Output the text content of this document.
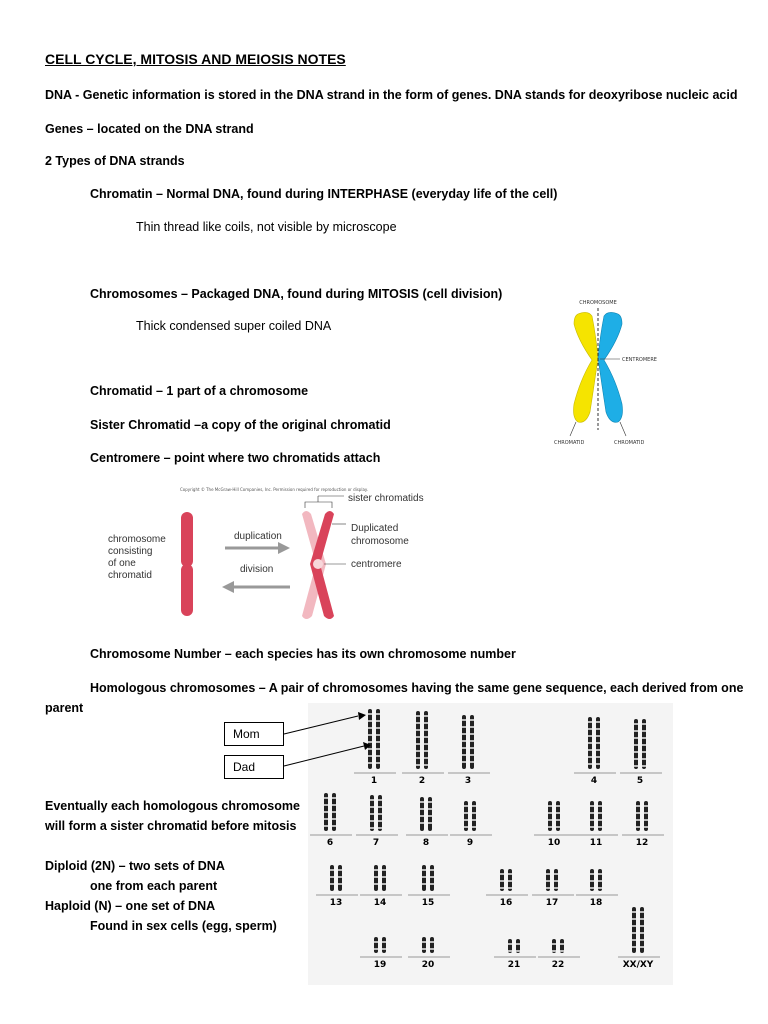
CELL CYCLE, MITOSIS AND MEIOSIS NOTES
DNA - Genetic information is stored in the DNA strand in the form of genes. DNA stands for deoxyribose nucleic acid
Genes – located on the DNA strand
2 Types of DNA strands
Chromatin – Normal DNA, found during INTERPHASE (everyday life of the cell)
Thin thread like coils, not visible by microscope
Chromosomes – Packaged DNA, found during MITOSIS (cell division)
Thick condensed super coiled DNA
Chromatid – 1 part of a chromosome
Sister Chromatid –a copy of the original chromatid
Centromere – point where two chromatids attach
CHROMOSOME
CENTROMERE
CHROMATID	CHROMATID
Copyright © The McGraw-Hill Companies, Inc. Permission required for reproduction or display.
chromosome
consisting
of one
chromatid
duplication
division
sister chromatids
Duplicated
chromosome
centromere
Chromosome Number – each species has its own chromosome number
Homologous chromosomes – A pair of chromosomes having the same gene sequence, each derived from one
parent
Eventually each homologous chromosome
will form a sister chromatid before mitosis
Diploid (2N) – two sets of DNA
one from each parent
Haploid (N) – one set of DNA
Found in sex cells (egg, sperm)
1	2	3	4	5
6	7	8	9	10	11	12
13	14	15	16	17	18
19	20	21	22	XX/XY
Mom
Dad
